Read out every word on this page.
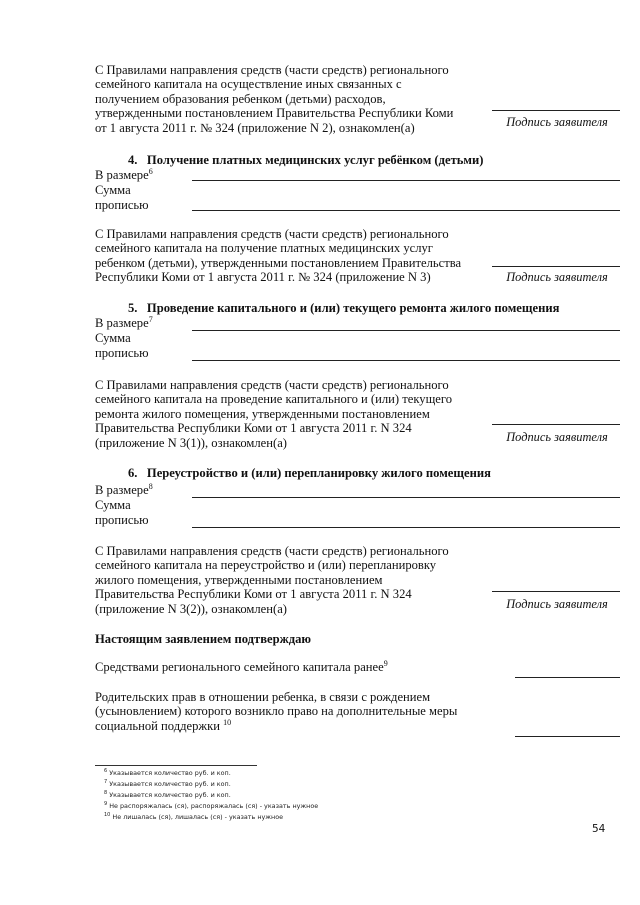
С Правилами направления средств (части средств) регионального
семейного капитала на осуществление иных связанных с
получением образования ребенком (детьми) расходов,
утвержденными постановлением Правительства Республики Коми
от 1 августа 2011 г. № 324 (приложение N 2), ознакомлен(а)	Подпись заявителя
4. Получение платных медицинских услуг ребёнком (детьми)
В размере$^6$
Сумма
прописью
С Правилами направления средств (части средств) регионального
семейного капитала на получение платных медицинских услуг
ребенком (детьми), утвержденными постановлением Правительства
Республики Коми от 1 августа 2011 г. № 324 (приложение N 3)	Подпись заявителя
5. Проведение капитального и (или) текущего ремонта жилого помещения
В размере$^7$
Сумма
прописью
С Правилами направления средств (части средств) регионального
семейного капитала на проведение капитального и (или) текущего
ремонта жилого помещения, утвержденными постановлением
Правительства Республики Коми от 1 августа 2011 г. N 324
(приложение N 3(1)), ознакомлен(а)	Подпись заявителя
6. Переустройство и (или) перепланировку жилого помещения
В размере$^8$
Сумма
прописью
С Правилами направления средств (части средств) регионального
семейного капитала на переустройство и (или) перепланировку
жилого помещения, утвержденными постановлением
Правительства Республики Коми от 1 августа 2011 г. N 324
(приложение N 3(2)), ознакомлен(а)	Подпись заявителя
Настоящим заявлением подтверждаю
Средствами регионального семейного капитала ранее$^9$
Родительских прав в отношении ребенка, в связи с рождением
(усыновлением) которого возникло право на дополнительные меры
социальной поддержки $^{10}$
$^6$ Указывается количество руб. и коп.
$^7$ Указывается количество руб. и коп.
$^8$ Указывается количество руб. и коп.
$^9$ Не распоряжалась (ся), распоряжалась (ся) - указать нужное
$^{10}$ Не лишалась (ся), лишалась (ся) - указать нужное
54
